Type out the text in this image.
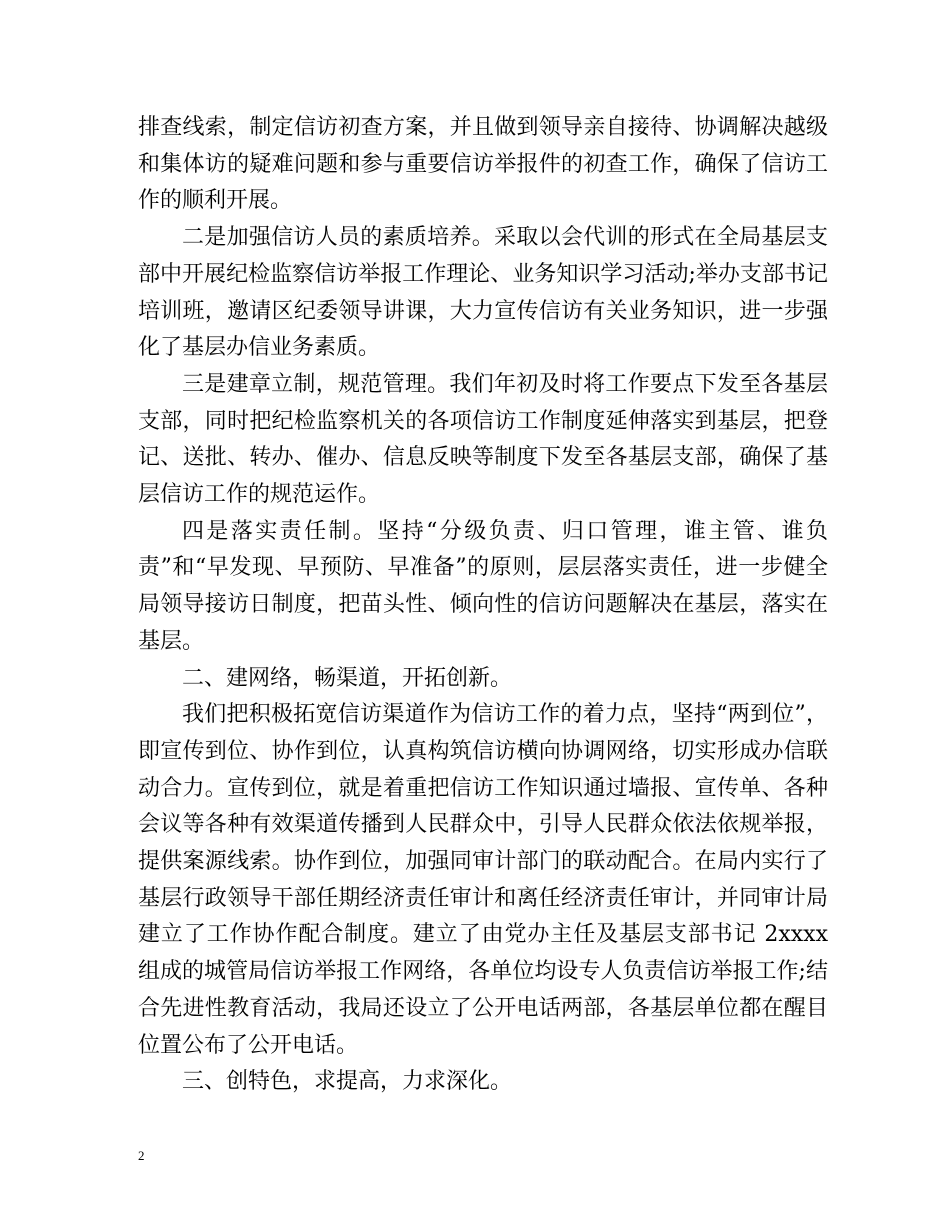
排查线索，制定信访初查方案，并且做到领导亲自接待、协调解决越级和集体访的疑难问题和参与重要信访举报件的初查工作，确保了信访工作的顺利开展。

二是加强信访人员的素质培养。采取以会代训的形式在全局基层支部中开展纪检监察信访举报工作理论、业务知识学习活动;举办支部书记培训班，邀请区纪委领导讲课，大力宣传信访有关业务知识，进一步强化了基层办信业务素质。

三是建章立制，规范管理。我们年初及时将工作要点下发至各基层支部，同时把纪检监察机关的各项信访工作制度延伸落实到基层，把登记、送批、转办、催办、信息反映等制度下发至各基层支部，确保了基层信访工作的规范运作。

四是落实责任制。坚持“分级负责、归口管理，谁主管、谁负责”和“早发现、早预防、早准备”的原则，层层落实责任，进一步健全局领导接访日制度，把苗头性、倾向性的信访问题解决在基层，落实在基层。

二、建网络，畅渠道，开拓创新。

我们把积极拓宽信访渠道作为信访工作的着力点，坚持“两到位”，即宣传到位、协作到位，认真构筑信访横向协调网络，切实形成办信联动合力。宣传到位，就是着重把信访工作知识通过墙报、宣传单、各种会议等各种有效渠道传播到人民群众中，引导人民群众依法依规举报，提供案源线索。协作到位，加强同审计部门的联动配合。在局内实行了基层行政领导干部任期经济责任审计和离任经济责任审计，并同审计局建立了工作协作配合制度。建立了由党办主任及基层支部书记 2xxxx 组成的城管局信访举报工作网络，各单位均设专人负责信访举报工作;结合先进性教育活动，我局还设立了公开电话两部，各基层单位都在醒目位置公布了公开电话。

三、创特色，求提高，力求深化。

2
